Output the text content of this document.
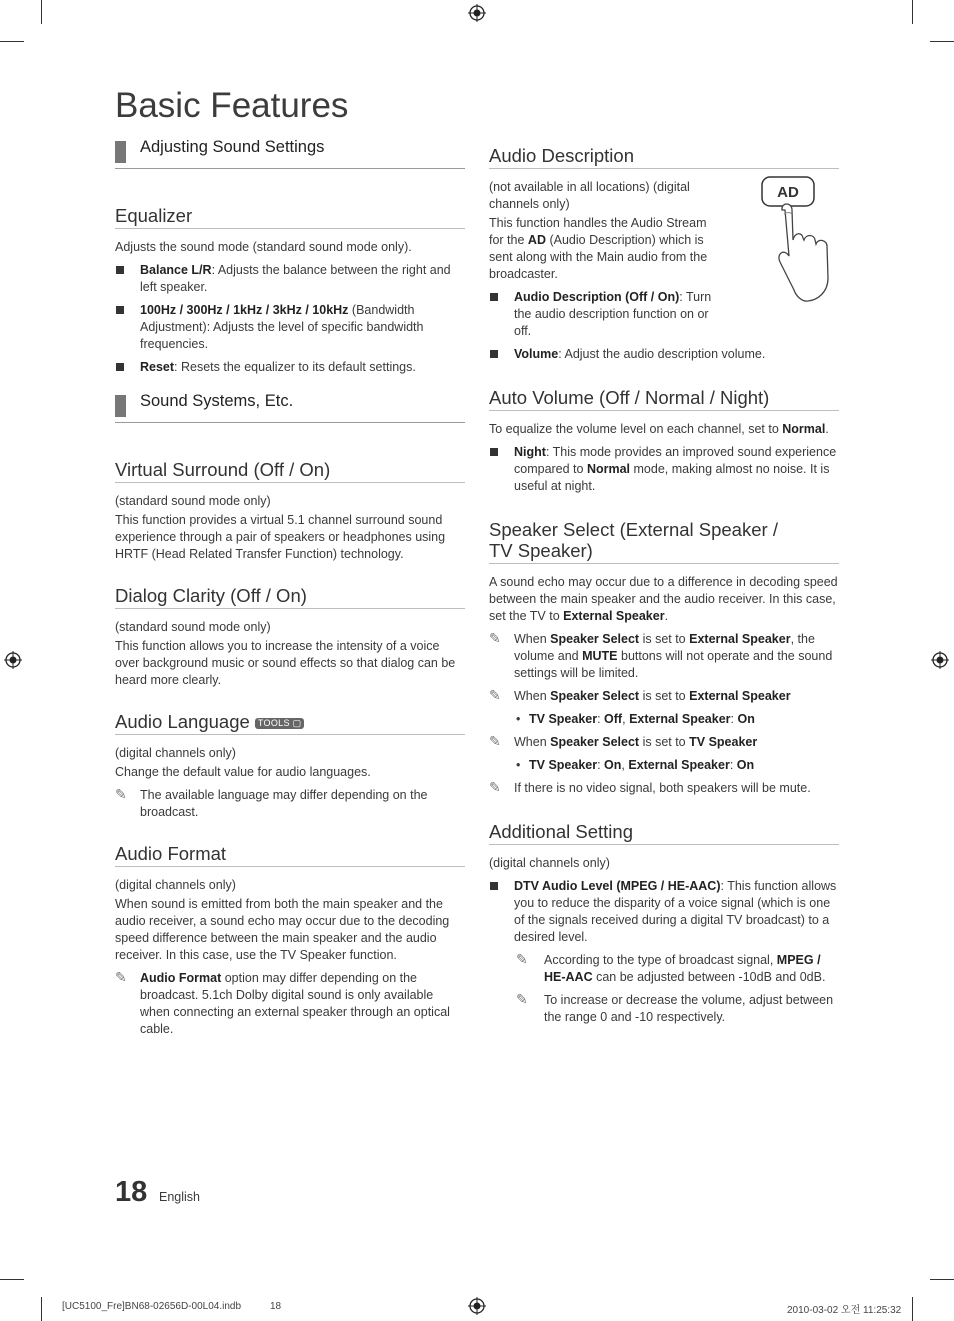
Basic Features
Adjusting Sound Settings
Equalizer

Adjusts the sound mode (standard sound mode only).

Balance L/R: Adjusts the balance between the right and left speaker.
100Hz / 300Hz / 1kHz / 3kHz / 10kHz (Bandwidth Adjustment): Adjusts the level of specific bandwidth frequencies.
Reset: Resets the equalizer to its default settings.
Sound Systems, Etc.
Virtual Surround (Off / On)

(standard sound mode only)

This function provides a virtual 5.1 channel surround sound experience through a pair of speakers or headphones using HRTF (Head Related Transfer Function) technology.

Dialog Clarity (Off / On)

(standard sound mode only)

This function allows you to increase the intensity of a voice over background music or sound effects so that dialog can be heard more clearly.

Audio Language TOOLS ▢

(digital channels only)

Change the default value for audio languages.

✎ The available language may differ depending on the broadcast.
Audio Format

(digital channels only)

When sound is emitted from both the main speaker and the audio receiver, a sound echo may occur due to the decoding speed difference between the main speaker and the audio receiver. In this case, use the TV Speaker function.

✎ Audio Format option may differ depending on the broadcast. 5.1ch Dolby digital sound is only available when connecting an external speaker through an optical cable.
Audio Description

(not available in all locations) (digital channels only)

This function handles the Audio Stream for the AD (Audio Description) which is sent along with the Main audio from the broadcaster.

Audio Description (Off / On): Turn the audio description function on or off.
Volume: Adjust the audio description volume.
Auto Volume (Off / Normal / Night)

To equalize the volume level on each channel, set to Normal.

Night: This mode provides an improved sound experience compared to Normal mode, making almost no noise. It is useful at night.
Speaker Select (External Speaker /
TV Speaker)

A sound echo may occur due to a difference in decoding speed between the main speaker and the audio receiver. In this case, set the TV to External Speaker.

✎ When Speaker Select is set to External Speaker, the volume and MUTE buttons will not operate and the sound settings will be limited.
✎ When Speaker Select is set to External Speaker
• TV Speaker: Off, External Speaker: On
✎ When Speaker Select is set to TV Speaker
• TV Speaker: On, External Speaker: On
✎ If there is no video signal, both speakers will be mute.
Additional Setting

(digital channels only)

DTV Audio Level (MPEG / HE-AAC): This function allows you to reduce the disparity of a voice signal (which is one of the signals received during a digital TV broadcast) to a desired level.
✎ According to the type of broadcast signal, MPEG / HE-AAC can be adjusted between -10dB and 0dB.
✎ To increase or decrease the volume, adjust between the range 0 and -10 respectively.
AD
18 English
[UC5100_Fre]BN68-02656D-00L04.indb	18	2010-03-02 오전 11:25:32
